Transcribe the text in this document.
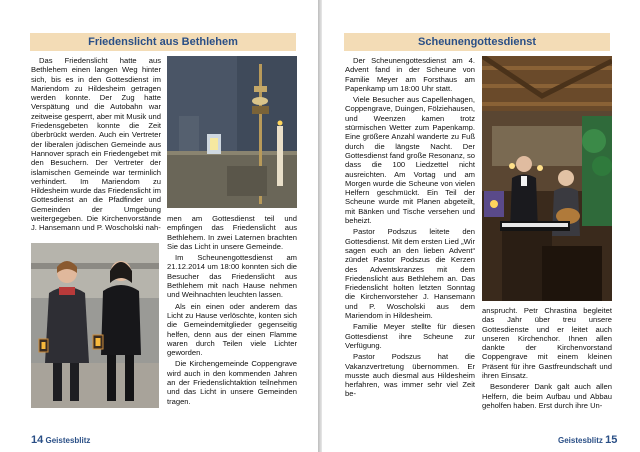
Friedenslicht aus Bethlehem

Das Friedenslicht hatte aus Bethlehem einen langen Weg hinter sich, bis es in den Gottesdienst im Mariendom zu Hildesheim getragen werden konnte. Der Zug hatte Verspätung und die Autobahn war zeitweise gesperrt, aber mit Musik und Friedensgebeten konnte die Zeit überbrückt werden. Auch ein Vertreter der liberalen jüdischen Gemeinde aus Hannover sprach ein Friedengebet mit den Besuchern. Der Vertreter der islamischen Gemeinde war terminlich verhindert. Im Mariendom zu Hildesheim wurde das Friedenslicht im Gottesdienst an die Pfadfinder und Gemeinden der Umgebung weitergegeben. Die Kirchenvorstände J. Hansemann und P. Woscholski nah-

men am Gottesdienst teil und empfingen das Friedenslicht aus Bethlehem. In zwei Laternen brachten Sie das Licht in unsere Gemeinde.

Im Scheunengottesdienst am 21.12.2014 um 18:00 konnten sich die Besucher das Friedenslicht aus Bethlehem mit nach Hause nehmen und Weihnachten leuchten lassen.

Als ein einen oder anderem das Licht zu Hause verlöschte, konten sich die Gemeindemitglieder gegenseitig helfen, denn aus der einen Flamme waren durch Teilen viele Lichter geworden.

Die Kirchengemeinde Coppengrave wird auch in den kommenden Jahren an der Friedenslichtaktion teilnehmen und das Licht in unsere Gemeinden tragen.

14 Geistesblitz
Scheunengottesdienst

Der Scheunengottesdienst am 4. Advent fand in der Scheune von Familie Meyer am Forsthaus am Papenkamp um 18:00 Uhr statt.

Viele Besucher aus Capellenhagen, Coppengrave, Duingen, Fölziehausen, und Weenzen kamen trotz stürmischen Wetter zum Papenkamp. Eine größere Anzahl wanderte zu Fuß durch die längste Nacht. Der Gottesdienst fand große Resonanz, so dass die 100 Liedzettel nicht ausreichten. Am Vortag und am Morgen wurde die Scheune von vielen Helfern geschmückt. Ein Teil der Scheune wurde mit Planen abgeteilt, mit Bänken und Tische versehen und beheizt.

Pastor Podszus leitete den Gottesdienst. Mit dem ersten Lied „Wir sagen euch an den lieben Advent“ zündet Pastor Podszus die Kerzen des Adventskranzes mit dem Friedenslicht aus Bethlehem an. Das Friedenslicht holten letzten Sonntag die Kirchenvorsteher J. Hansemann und P. Woscholski aus dem Mariendom in Hildesheim.

Familie Meyer stellte für diesen Gottesdienst ihre Scheune zur Verfügung.

Pastor Podszus hat die Vakanzvertretung übernommen. Er musste auch diesmal aus Hildesheim herfahren, was immer sehr viel Zeit be-

ansprucht. Petr Chrastina begleitet das Jahr über treu unsere Gottesdienste und er leitet auch unseren Kirchenchor. Ihnen allen dankte der Kirchenvorstand Coppengrave mit einem kleinen Präsent für ihre Gastfreundschaft und ihren Einsatz.

Besonderer Dank galt auch allen Helfern, die beim Aufbau und Abbau geholfen haben. Erst durch ihre Un-

Geistesblitz 15
